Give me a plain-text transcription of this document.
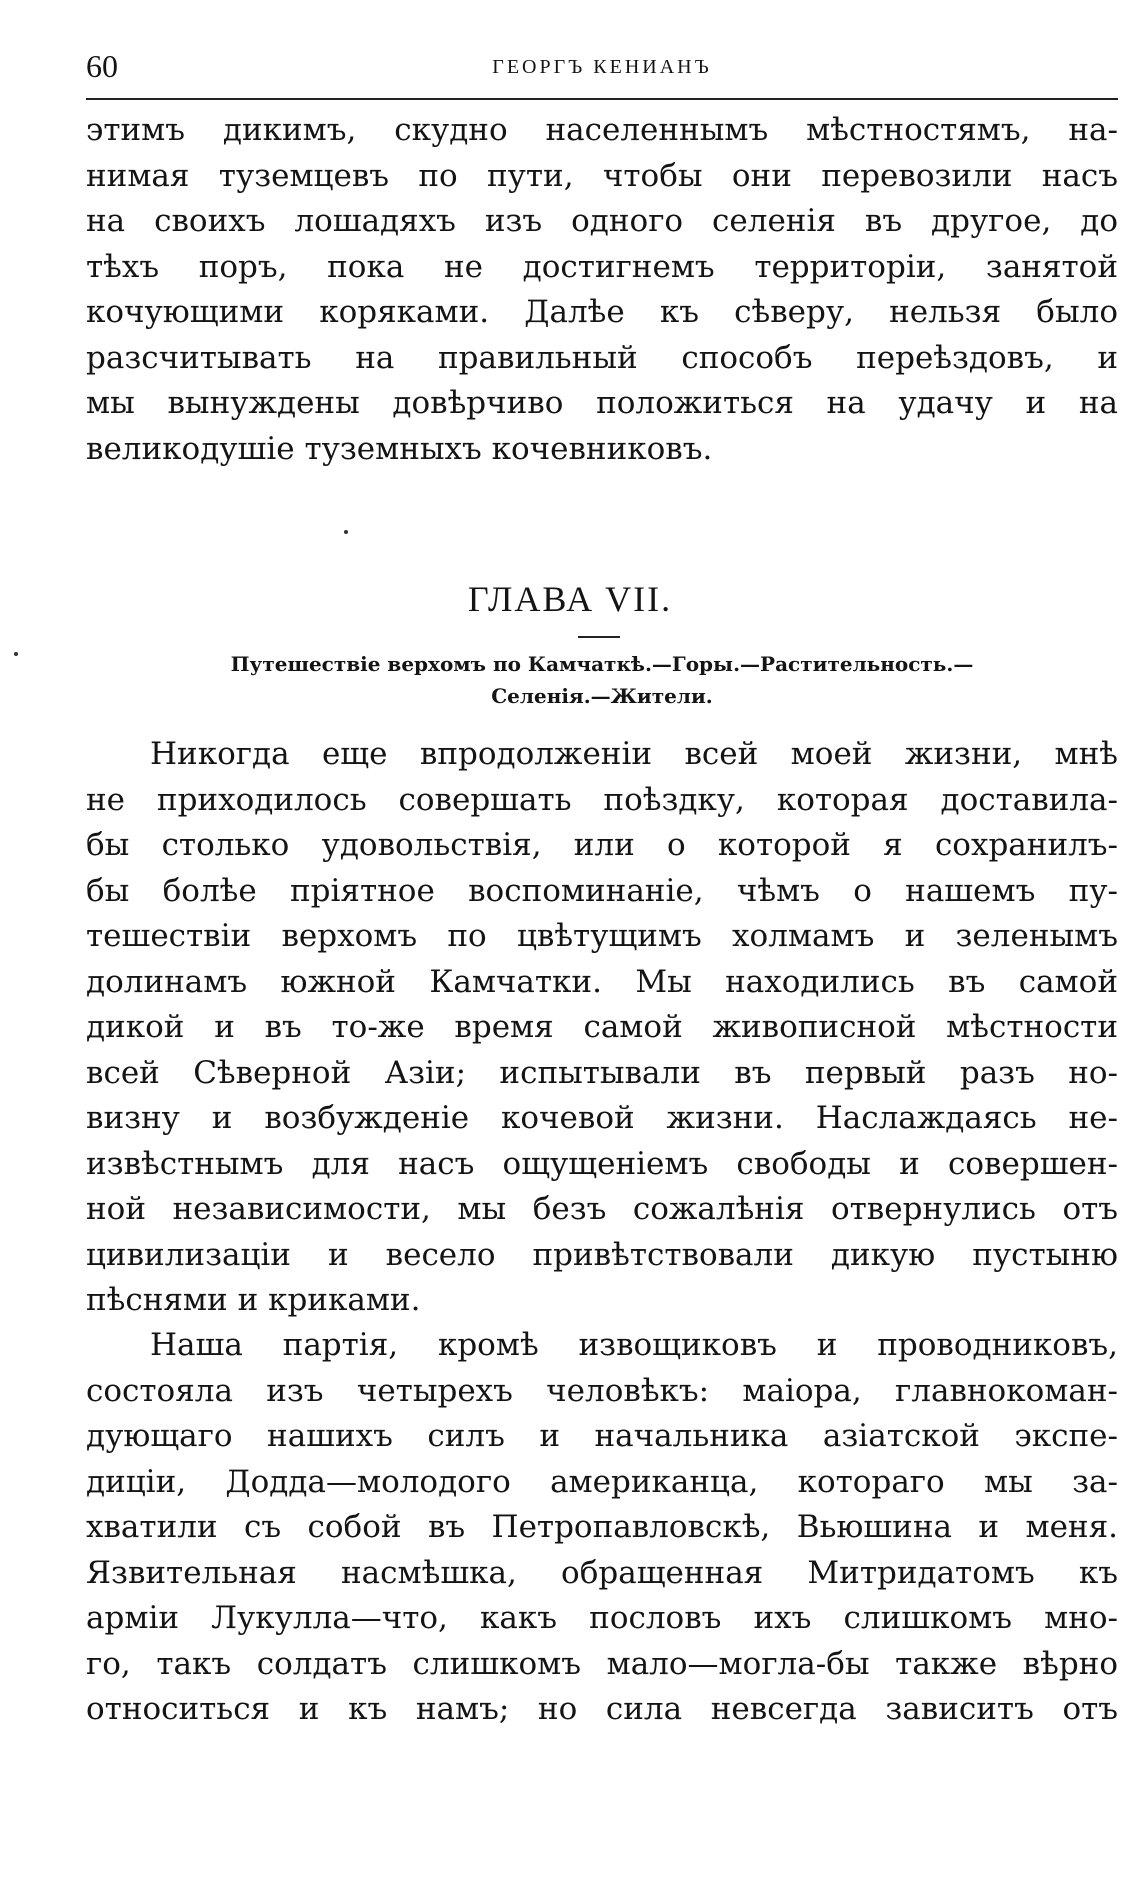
60	ГЕОРГЪ КЕНИАНЪ
этимъ дикимъ, скудно населеннымъ мѣстностямъ, на-
нимая туземцевъ по пути, чтобы они перевозили насъ
на своихъ лошадяхъ изъ одного селенія въ другое, до
тѣхъ поръ, пока не достигнемъ территоріи, занятой
кочующими коряками. Далѣе къ сѣверу, нельзя было
разсчитывать на правильный способъ переѣздовъ, и
мы вынуждены довѣрчиво положиться на удачу и на
великодушіе туземныхъ кочевниковъ.
ГЛАВА VII.
Путешествіе верхомъ по Камчаткѣ.—Горы.—Растительность.—
Селенія.—Жители.
Никогда еще впродолженіи всей моей жизни, мнѣ
не приходилось совершать поѣздку, которая доставила-
бы столько удовольствія, или о которой я сохранилъ-
бы болѣе пріятное воспоминаніе, чѣмъ о нашемъ пу-
тешествіи верхомъ по цвѣтущимъ холмамъ и зеленымъ
долинамъ южной Камчатки. Мы находились въ самой
дикой и въ то-же время самой живописной мѣстности
всей Сѣверной Азіи; испытывали въ первый разъ но-
визну и возбужденіе кочевой жизни. Наслаждаясь не-
извѣстнымъ для насъ ощущеніемъ свободы и совершен-
ной независимости, мы безъ сожалѣнія отвернулись отъ
цивилизаціи и весело привѣтствовали дикую пустыню
пѣснями и криками.
Наша партія, кромѣ извощиковъ и проводниковъ,
состояла изъ четырехъ человѣкъ: маіора, главнокоман-
дующаго нашихъ силъ и начальника азіатской экспе-
диціи, Додда—молодого американца, котораго мы за-
хватили съ собой въ Петропавловскѣ, Вьюшина и меня.
Язвительная насмѣшка, обращенная Митридатомъ къ
арміи Лукулла—что, какъ пословъ ихъ слишкомъ мно-
го, такъ солдатъ слишкомъ мало—могла-бы также вѣрно
относиться и къ намъ; но сила невсегда зависитъ отъ
